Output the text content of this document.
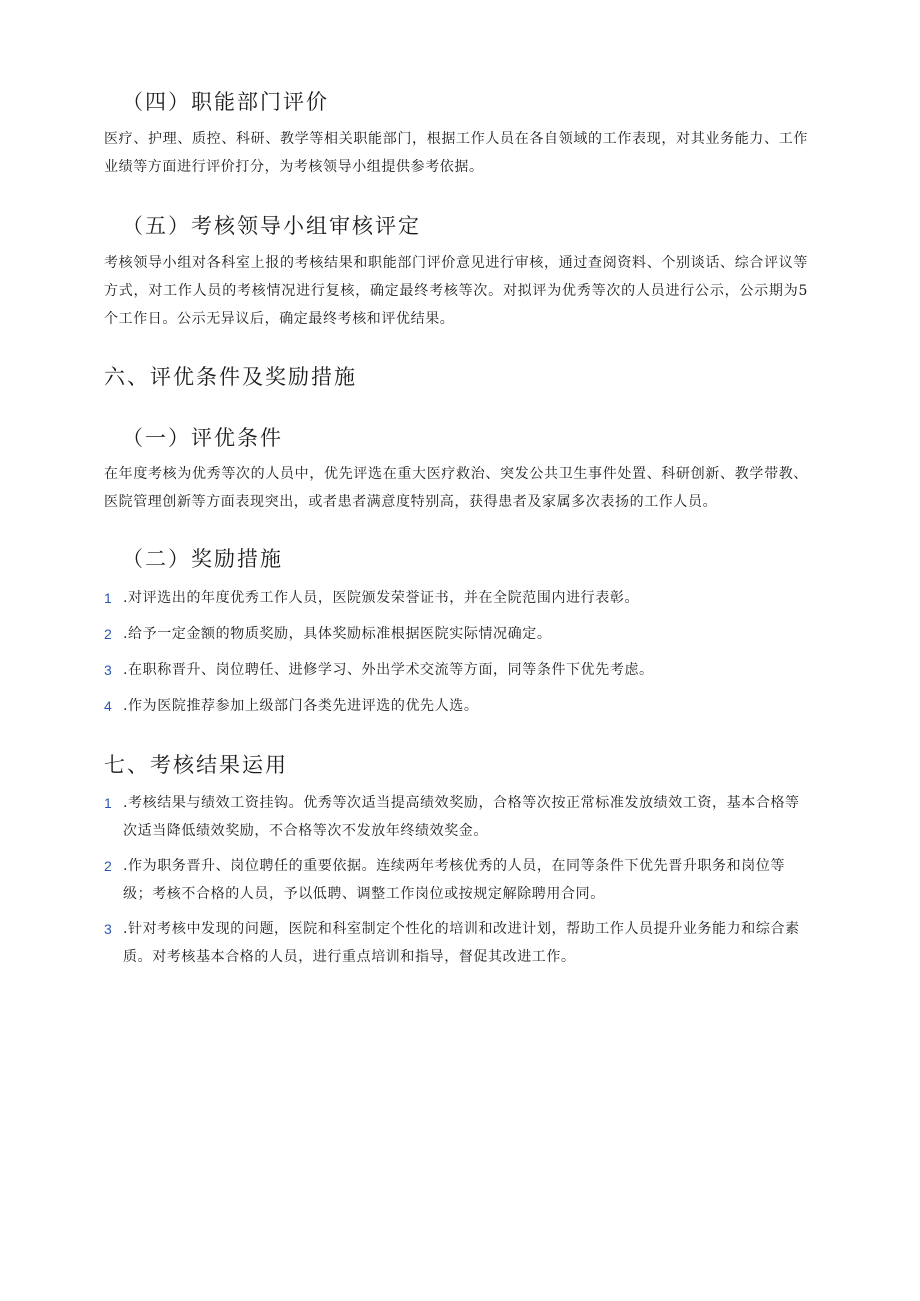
（四）职能部门评价

医疗、护理、质控、科研、教学等相关职能部门，根据工作人员在各自领域的工作表现，对其业务能力、工作业绩等方面进行评价打分，为考核领导小组提供参考依据。

（五）考核领导小组审核评定

考核领导小组对各科室上报的考核结果和职能部门评价意见进行审核，通过查阅资料、个别谈话、综合评议等方式，对工作人员的考核情况进行复核，确定最终考核等次。对拟评为优秀等次的人员进行公示，公示期为5个工作日。公示无异议后，确定最终考核和评优结果。

六、评优条件及奖励措施
（一）评优条件

在年度考核为优秀等次的人员中，优先评选在重大医疗救治、突发公共卫生事件处置、科研创新、教学带教、医院管理创新等方面表现突出，或者患者满意度特别高，获得患者及家属多次表扬的工作人员。

（二）奖励措施
1 .对评选出的年度优秀工作人员，医院颁发荣誉证书，并在全院范围内进行表彰。
2 .给予一定金额的物质奖励，具体奖励标准根据医院实际情况确定。
3 .在职称晋升、岗位聘任、进修学习、外出学术交流等方面，同等条件下优先考虑。
4 .作为医院推荐参加上级部门各类先进评选的优先人选。
七、考核结果运用
1 .考核结果与绩效工资挂钩。优秀等次适当提高绩效奖励，合格等次按正常标准发放绩效工资，基本合格等次适当降低绩效奖励，不合格等次不发放年终绩效奖金。
2 .作为职务晋升、岗位聘任的重要依据。连续两年考核优秀的人员，在同等条件下优先晋升职务和岗位等级；考核不合格的人员，予以低聘、调整工作岗位或按规定解除聘用合同。
3 .针对考核中发现的问题，医院和科室制定个性化的培训和改进计划，帮助工作人员提升业务能力和综合素质。对考核基本合格的人员，进行重点培训和指导，督促其改进工作。
